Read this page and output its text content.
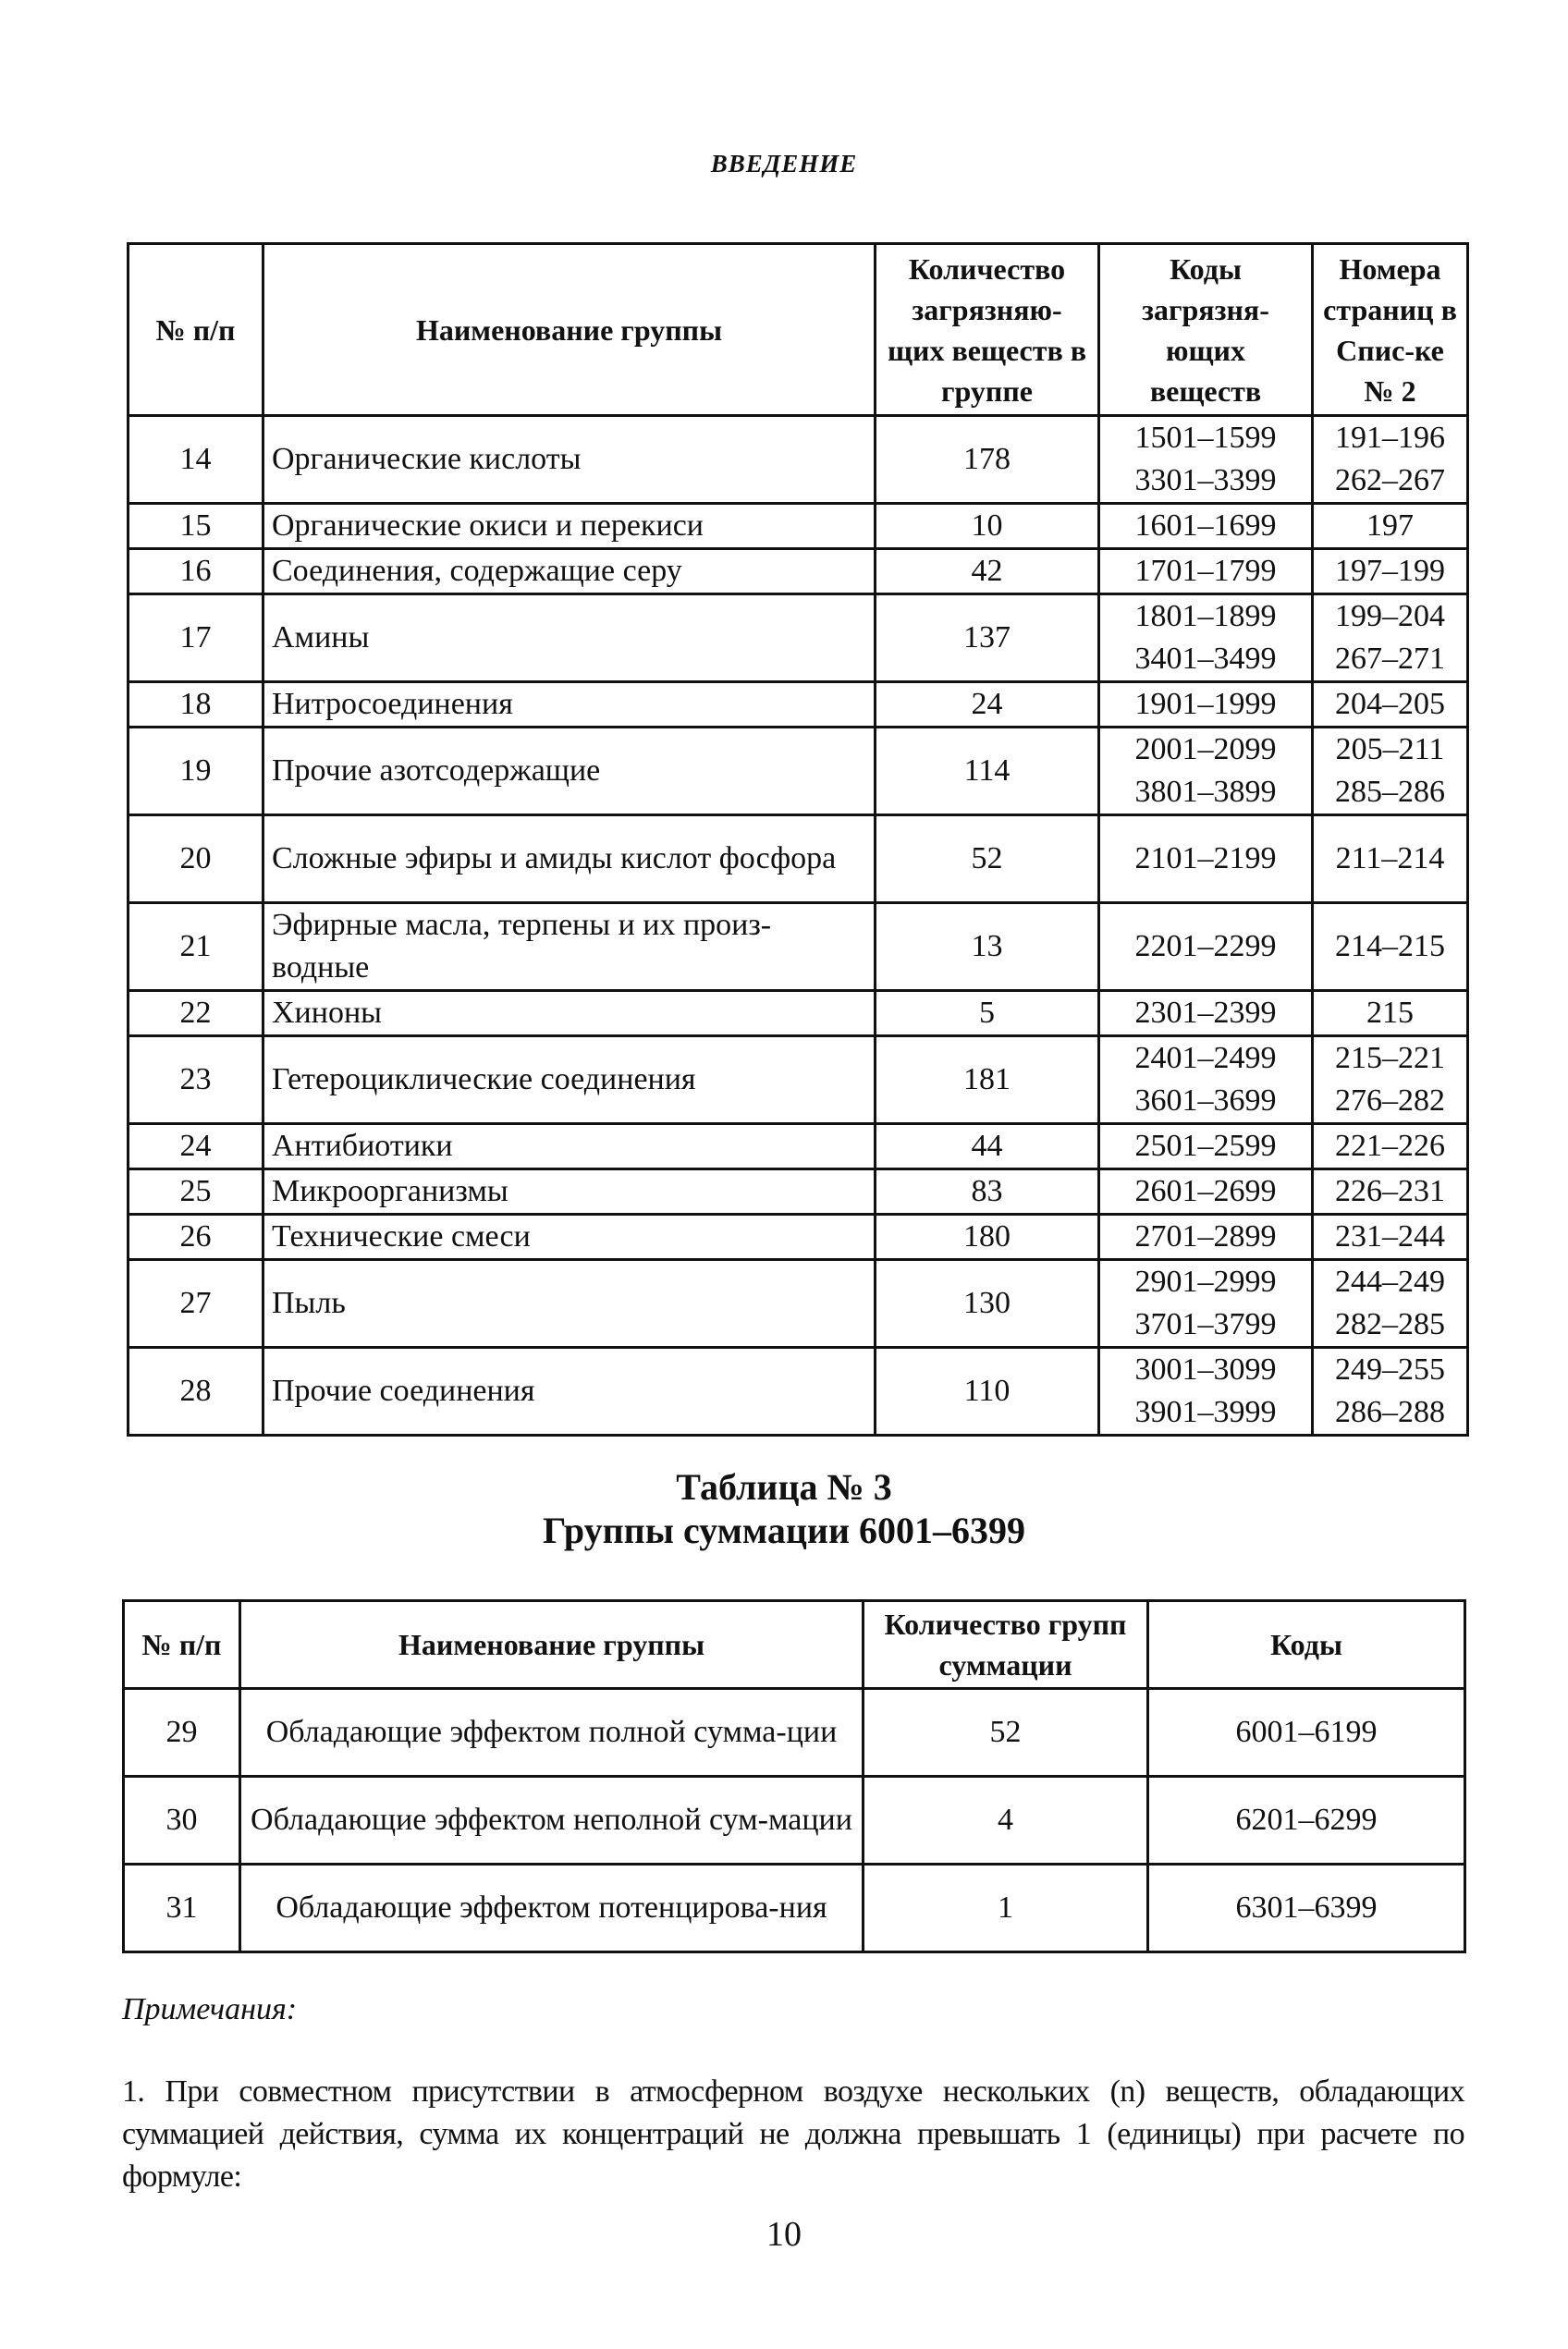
ВВЕДЕНИЕ
№ п/п	Наименование группы	Количество загрязняю-щих веществ в группе	Коды загрязня-ющих веществ	Номера страниц в Спис-ке № 2
14	Органические кислоты	178	1501–1599 3301–3399	191–196 262–267
15	Органические окиси и перекиси	10	1601–1699	197
16	Соединения, содержащие серу	42	1701–1799	197–199
17	Амины	137	1801–1899 3401–3499	199–204 267–271
18	Нитросоединения	24	1901–1999	204–205
19	Прочие азотсодержащие	114	2001–2099 3801–3899	205–211 285–286
20	Сложные эфиры и амиды кислот фосфора	52	2101–2199	211–214
21	Эфирные масла, терпены и их произ-водные	13	2201–2299	214–215
22	Хиноны	5	2301–2399	215
23	Гетероциклические соединения	181	2401–2499 3601–3699	215–221 276–282
24	Антибиотики	44	2501–2599	221–226
25	Микроорганизмы	83	2601–2699	226–231
26	Технические смеси	180	2701–2899	231–244
27	Пыль	130	2901–2999 3701–3799	244–249 282–285
28	Прочие соединения	110	3001–3099 3901–3999	249–255 286–288
Таблица № 3
Группы суммации 6001–6399
№ п/п	Наименование группы	Количество групп суммации	Коды
29	Обладающие эффектом полной сумма-ции	52	6001–6199
30	Обладающие эффектом неполной сум-мации	4	6201–6299
31	Обладающие эффектом потенцирова-ния	1	6301–6399
Примечания:
1. При совместном присутствии в атмосферном воздухе нескольких (n) веществ, обладающих суммацией действия, сумма их концентраций не должна превышать 1 (единицы) при расчете по формуле:
10
